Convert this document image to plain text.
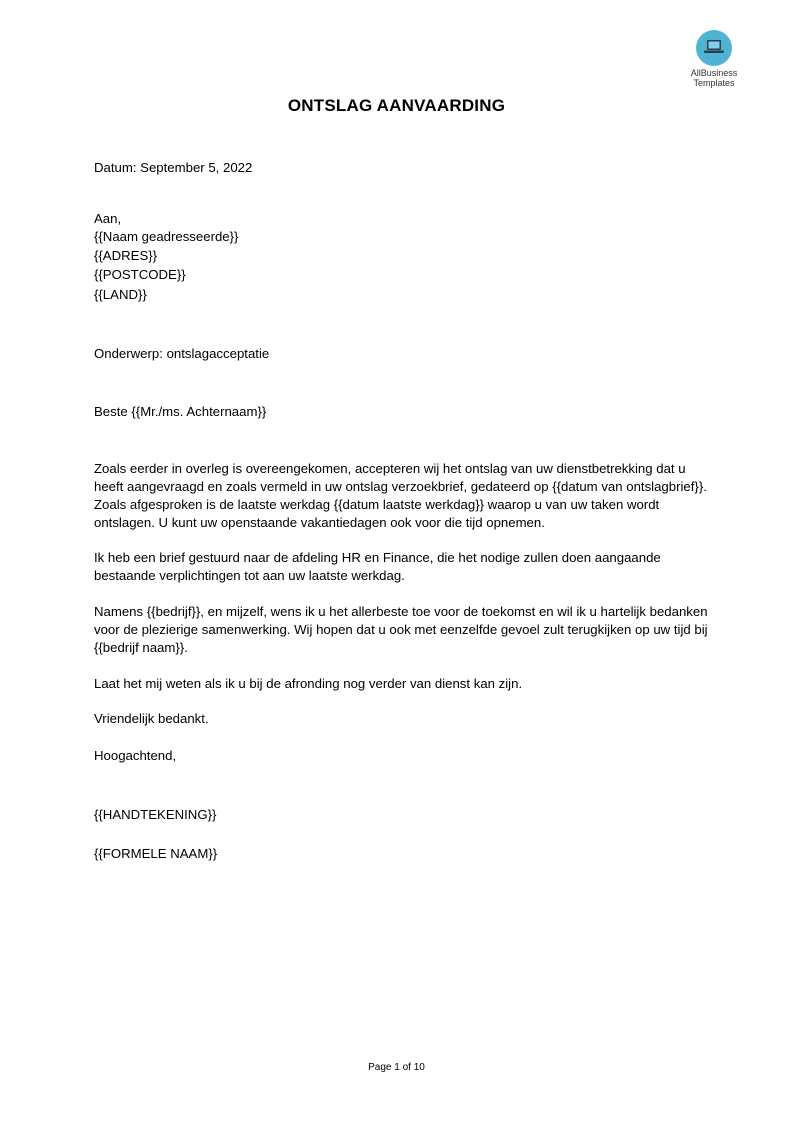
AllBusiness
Templates
ONTSLAG AANVAARDING
Datum: September 5, 2022
Aan,
{{Naam geadresseerde}}
{{ADRES}}
{{POSTCODE}}
{{LAND}}
Onderwerp: ontslagacceptatie
Beste {{Mr./ms. Achternaam}}

Zoals eerder in overleg is overeengekomen, accepteren wij het ontslag van uw dienstbetrekking dat u heeft aangevraagd en zoals vermeld in uw ontslag verzoekbrief, gedateerd op {{datum van ontslagbrief}}. Zoals afgesproken is de laatste werkdag {{datum laatste werkdag}} waarop u van uw taken wordt ontslagen. U kunt uw openstaande vakantiedagen ook voor die tijd opnemen.

Ik heb een brief gestuurd naar de afdeling HR en Finance, die het nodige zullen doen aangaande bestaande verplichtingen tot aan uw laatste werkdag.

Namens {{bedrijf}}, en mijzelf, wens ik u het allerbeste toe voor de toekomst en wil ik u hartelijk bedanken voor de plezierige samenwerking. Wij hopen dat u ook met eenzelfde gevoel zult terugkijken op uw tijd bij {{bedrijf naam}}.

Laat het mij weten als ik u bij de afronding nog verder van dienst kan zijn.

Vriendelijk bedankt.

Hoogachtend,
{{HANDTEKENING}}
{{FORMELE NAAM}}
Page 1 of 10
